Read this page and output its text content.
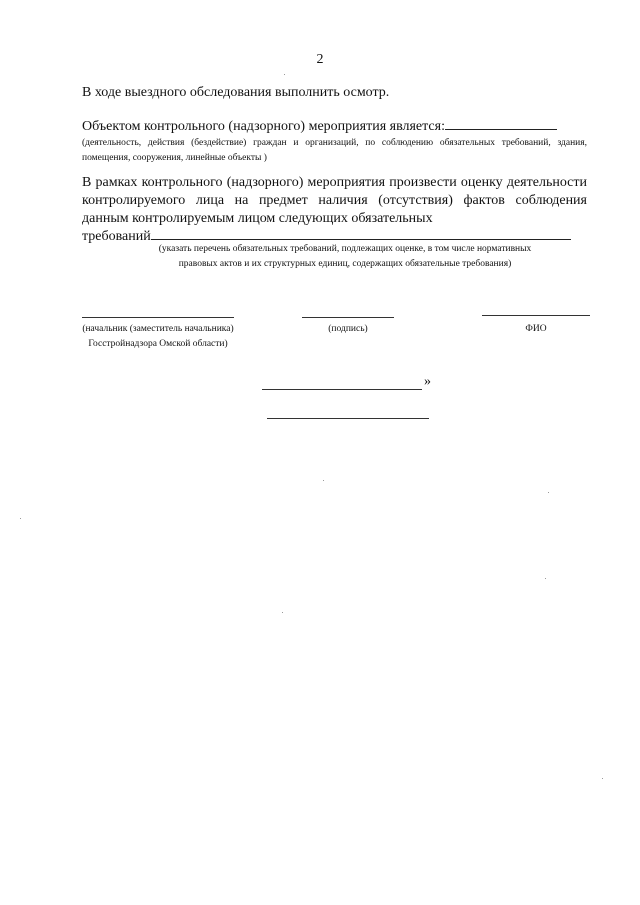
2
В ходе выездного обследования выполнить осмотр.
Объектом контрольного (надзорного) мероприятия является:
(деятельность, действия (бездействие) граждан и организаций, по соблюдению обязательных требований, здания, помещения, сооружения, линейные объекты )
В рамках контрольного (надзорного) мероприятия произвести оценку деятельности контролируемого лица на предмет наличия (отсутствия) фактов соблюдения данным контролируемым лицом следующих обязательных
требований
(указать перечень обязательных требований, подлежащих оценке, в том числе нормативных правовых актов и их структурных единиц, содержащих обязательные требования)
(начальник (заместитель начальника) Госстройнадзора Омской области)
(подпись)	ФИО
»
